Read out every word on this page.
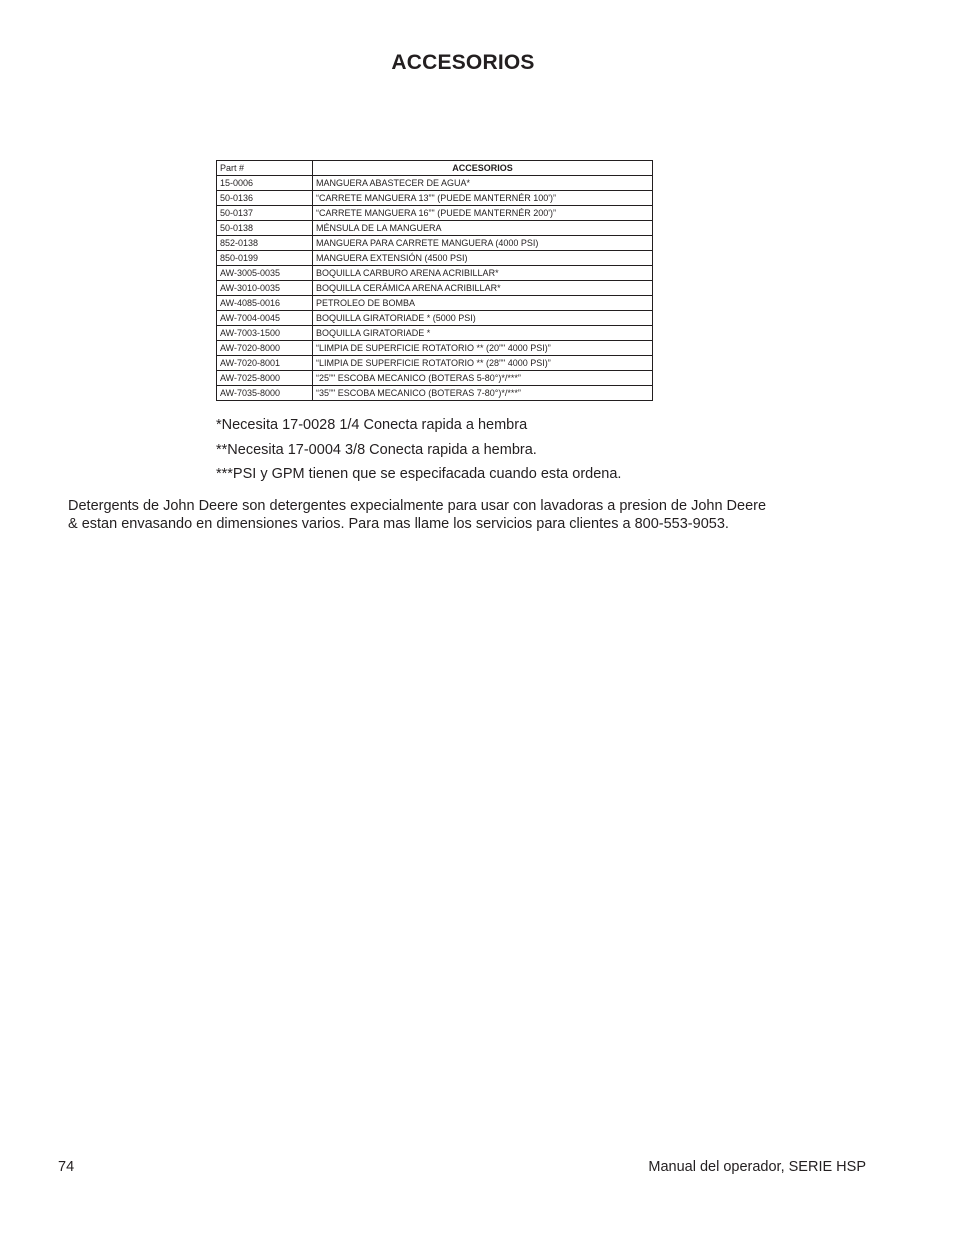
ACCESORIOS
Part #	ACCESORIOS
15-0006	MANGUERA ABASTECER DE AGUA*
50-0136	“CARRETE MANGUERA 13”" (PUEDE MANTERNÉR 100')”
50-0137	“CARRETE MANGUERA 16”" (PUEDE MANTERNÉR 200')”
50-0138	MÉNSULA DE LA MANGUERA
852-0138	MANGUERA PARA CARRETE MANGUERA (4000 PSI)
850-0199	MANGUERA EXTENSIÓN (4500 PSI)
AW-3005-0035	BOQUILLA CARBURO ARENA ACRIBILLAR*
AW-3010-0035	BOQUILLA CERÁMICA ARENA ACRIBILLAR*
AW-4085-0016	PETROLEO DE BOMBA
AW-7004-0045	BOQUILLA GIRATORIADE * (5000 PSI)
AW-7003-1500	BOQUILLA GIRATORIADE *
AW-7020-8000	“LIMPIA DE SUPERFICIE ROTATORIO ** (20”" 4000 PSI)”
AW-7020-8001	“LIMPIA DE SUPERFICIE ROTATORIO ** (28”" 4000 PSI)”
AW-7025-8000	“25”" ESCOBA MECANICO (BOTERAS 5-80°)*/***”
AW-7035-8000	“35”" ESCOBA MECANICO (BOTERAS 7-80°)*/***”

*Necesita 17-0028 1/4 Conecta rapida a hembra

**Necesita 17-0004 3/8 Conecta rapida a hembra.

***PSI y GPM tienen que se especifacada cuando esta ordena.

Detergents de John Deere son detergentes expecialmente para usar con lavadoras a presion de John Deere
& estan envasando en dimensiones varios. Para mas llame los servicios para clientes a 800-553-9053.
74	Manual del operador, SERIE HSP
